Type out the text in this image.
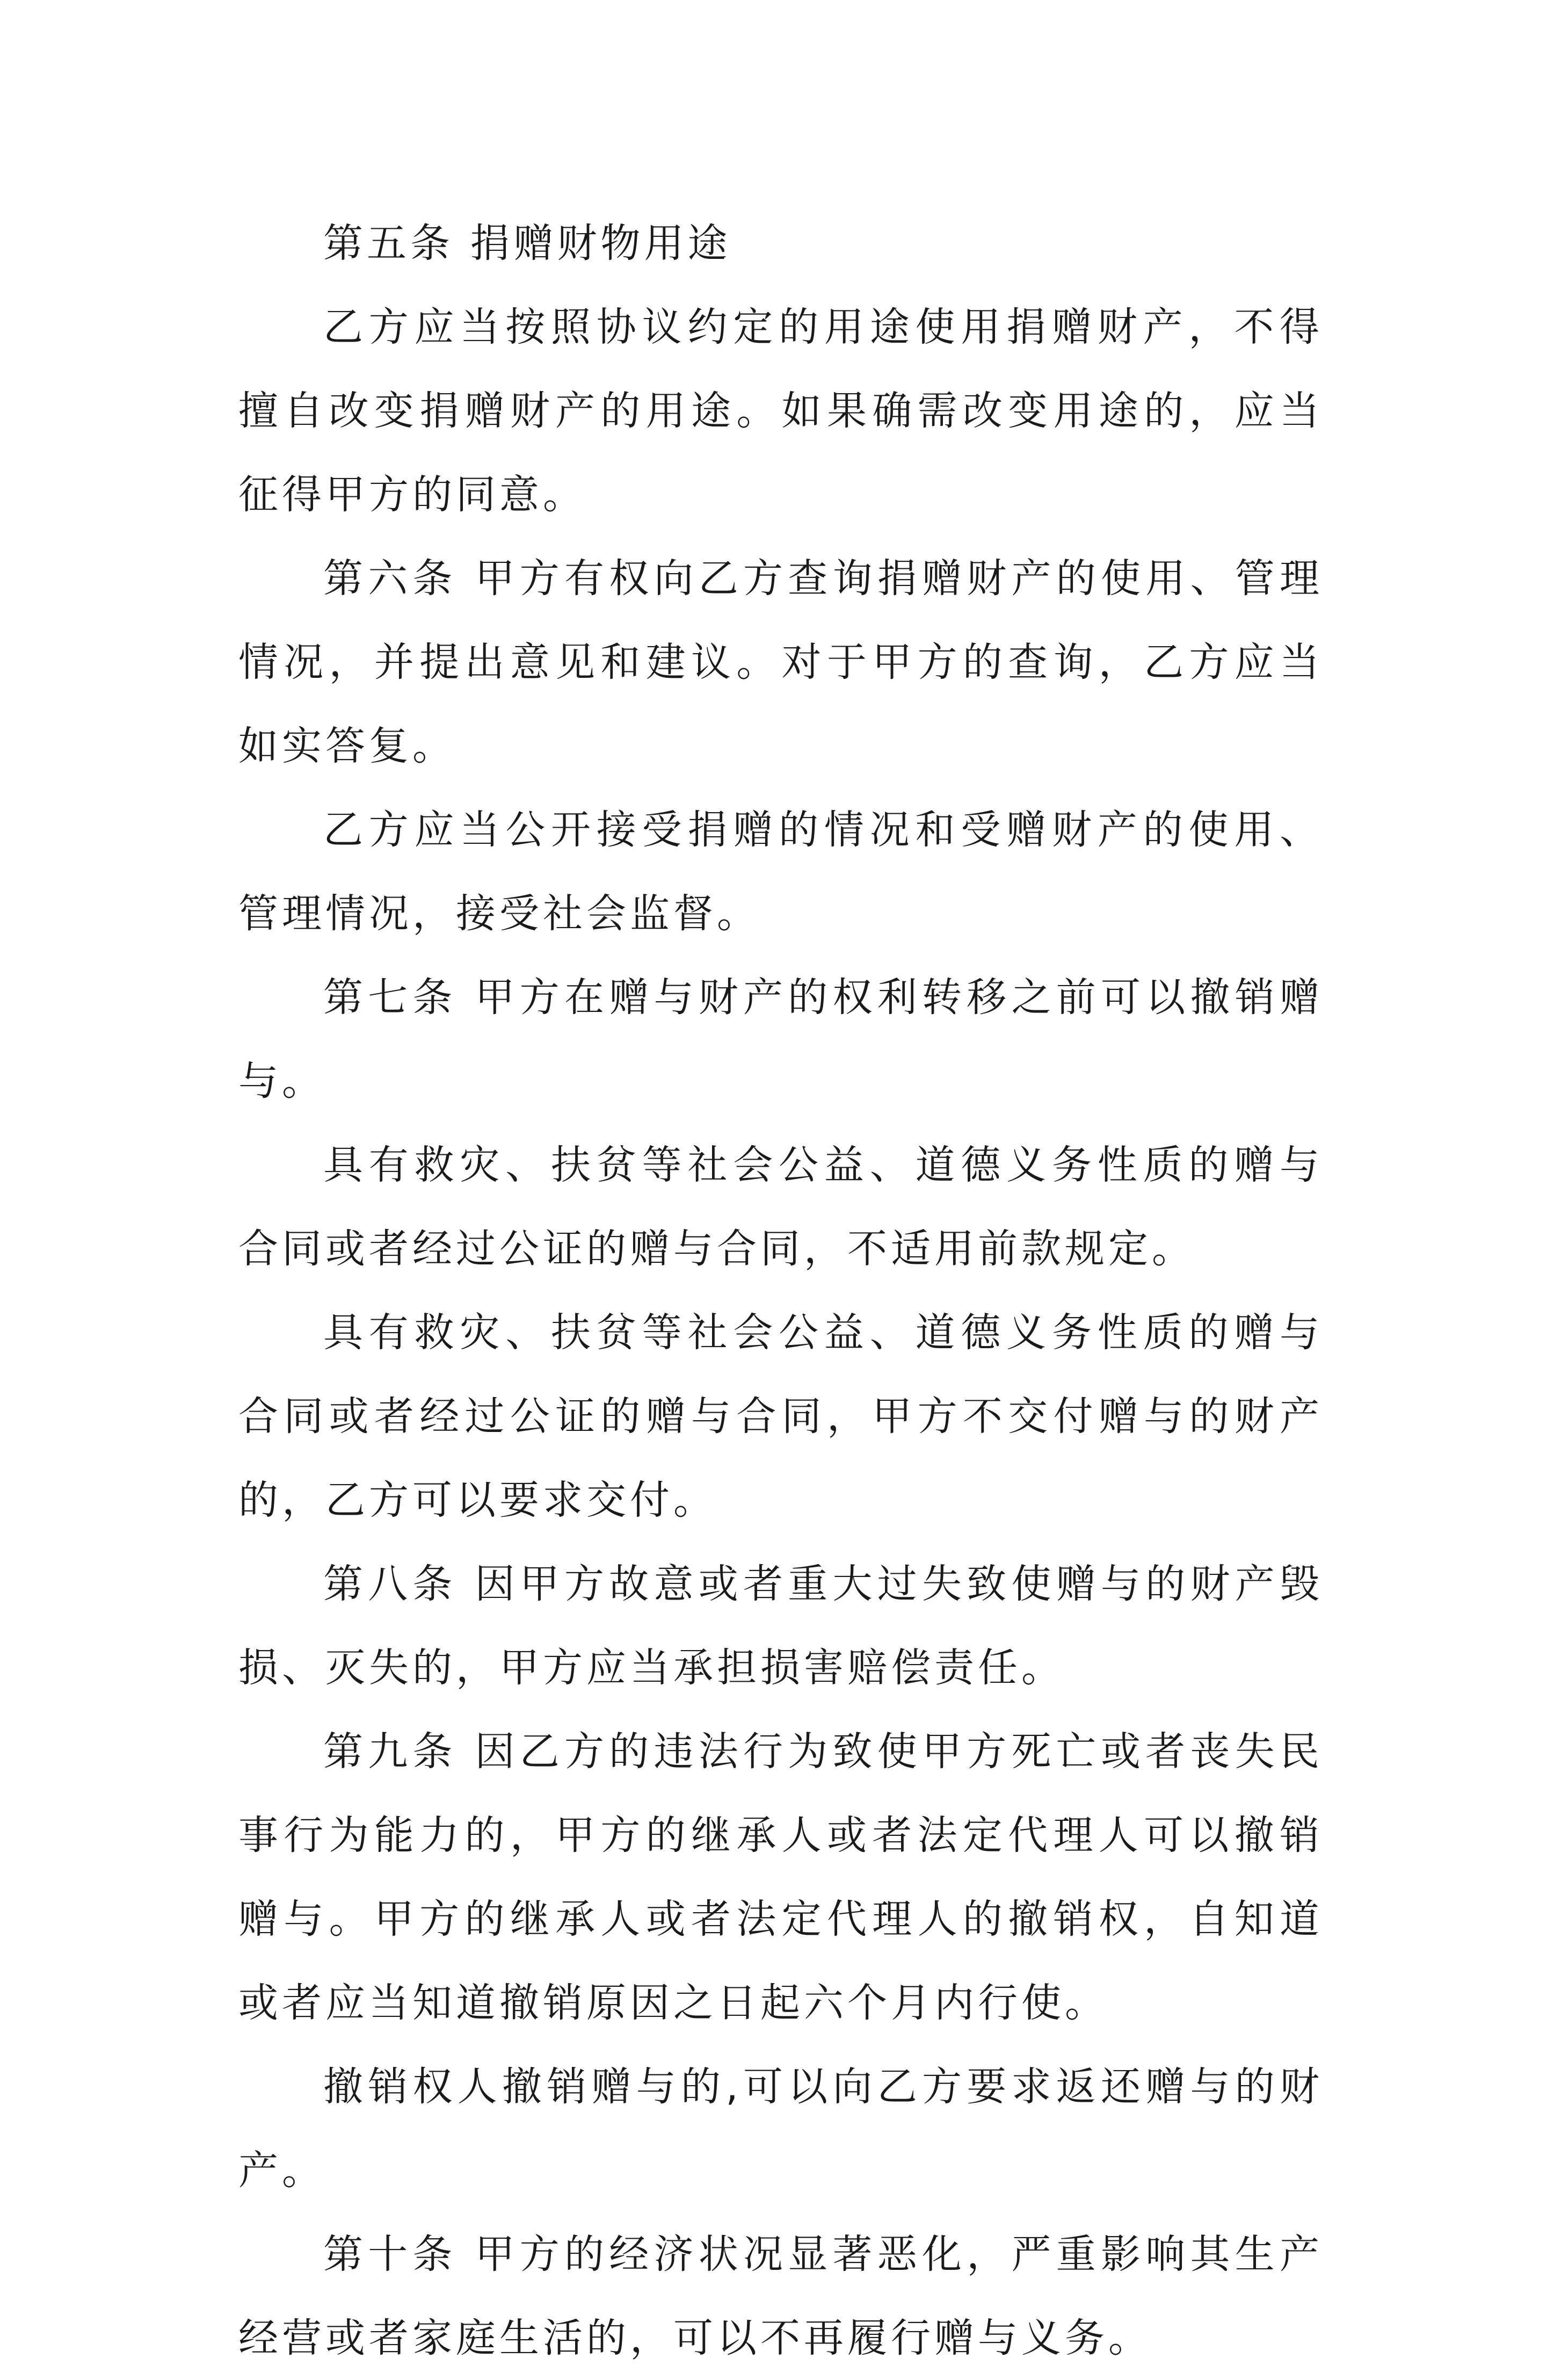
第五条 捐赠财物用途

乙方应当按照协议约定的用途使用捐赠财产，不得擅自改变捐赠财产的用途。如果确需改变用途的，应当征得甲方的同意。

第六条 甲方有权向乙方查询捐赠财产的使用、管理情况，并提出意见和建议。对于甲方的查询，乙方应当如实答复。

乙方应当公开接受捐赠的情况和受赠财产的使用、管理情况，接受社会监督。

第七条 甲方在赠与财产的权利转移之前可以撤销赠与。

具有救灾、扶贫等社会公益、道德义务性质的赠与合同或者经过公证的赠与合同，不适用前款规定。

具有救灾、扶贫等社会公益、道德义务性质的赠与合同或者经过公证的赠与合同，甲方不交付赠与的财产的，乙方可以要求交付。

第八条 因甲方故意或者重大过失致使赠与的财产毁损、灭失的，甲方应当承担损害赔偿责任。

第九条 因乙方的违法行为致使甲方死亡或者丧失民事行为能力的，甲方的继承人或者法定代理人可以撤销赠与。甲方的继承人或者法定代理人的撤销权，自知道或者应当知道撤销原因之日起六个月内行使。

撤销权人撤销赠与的,可以向乙方要求返还赠与的财产。

第十条 甲方的经济状况显著恶化，严重影响其生产经营或者家庭生活的，可以不再履行赠与义务。
